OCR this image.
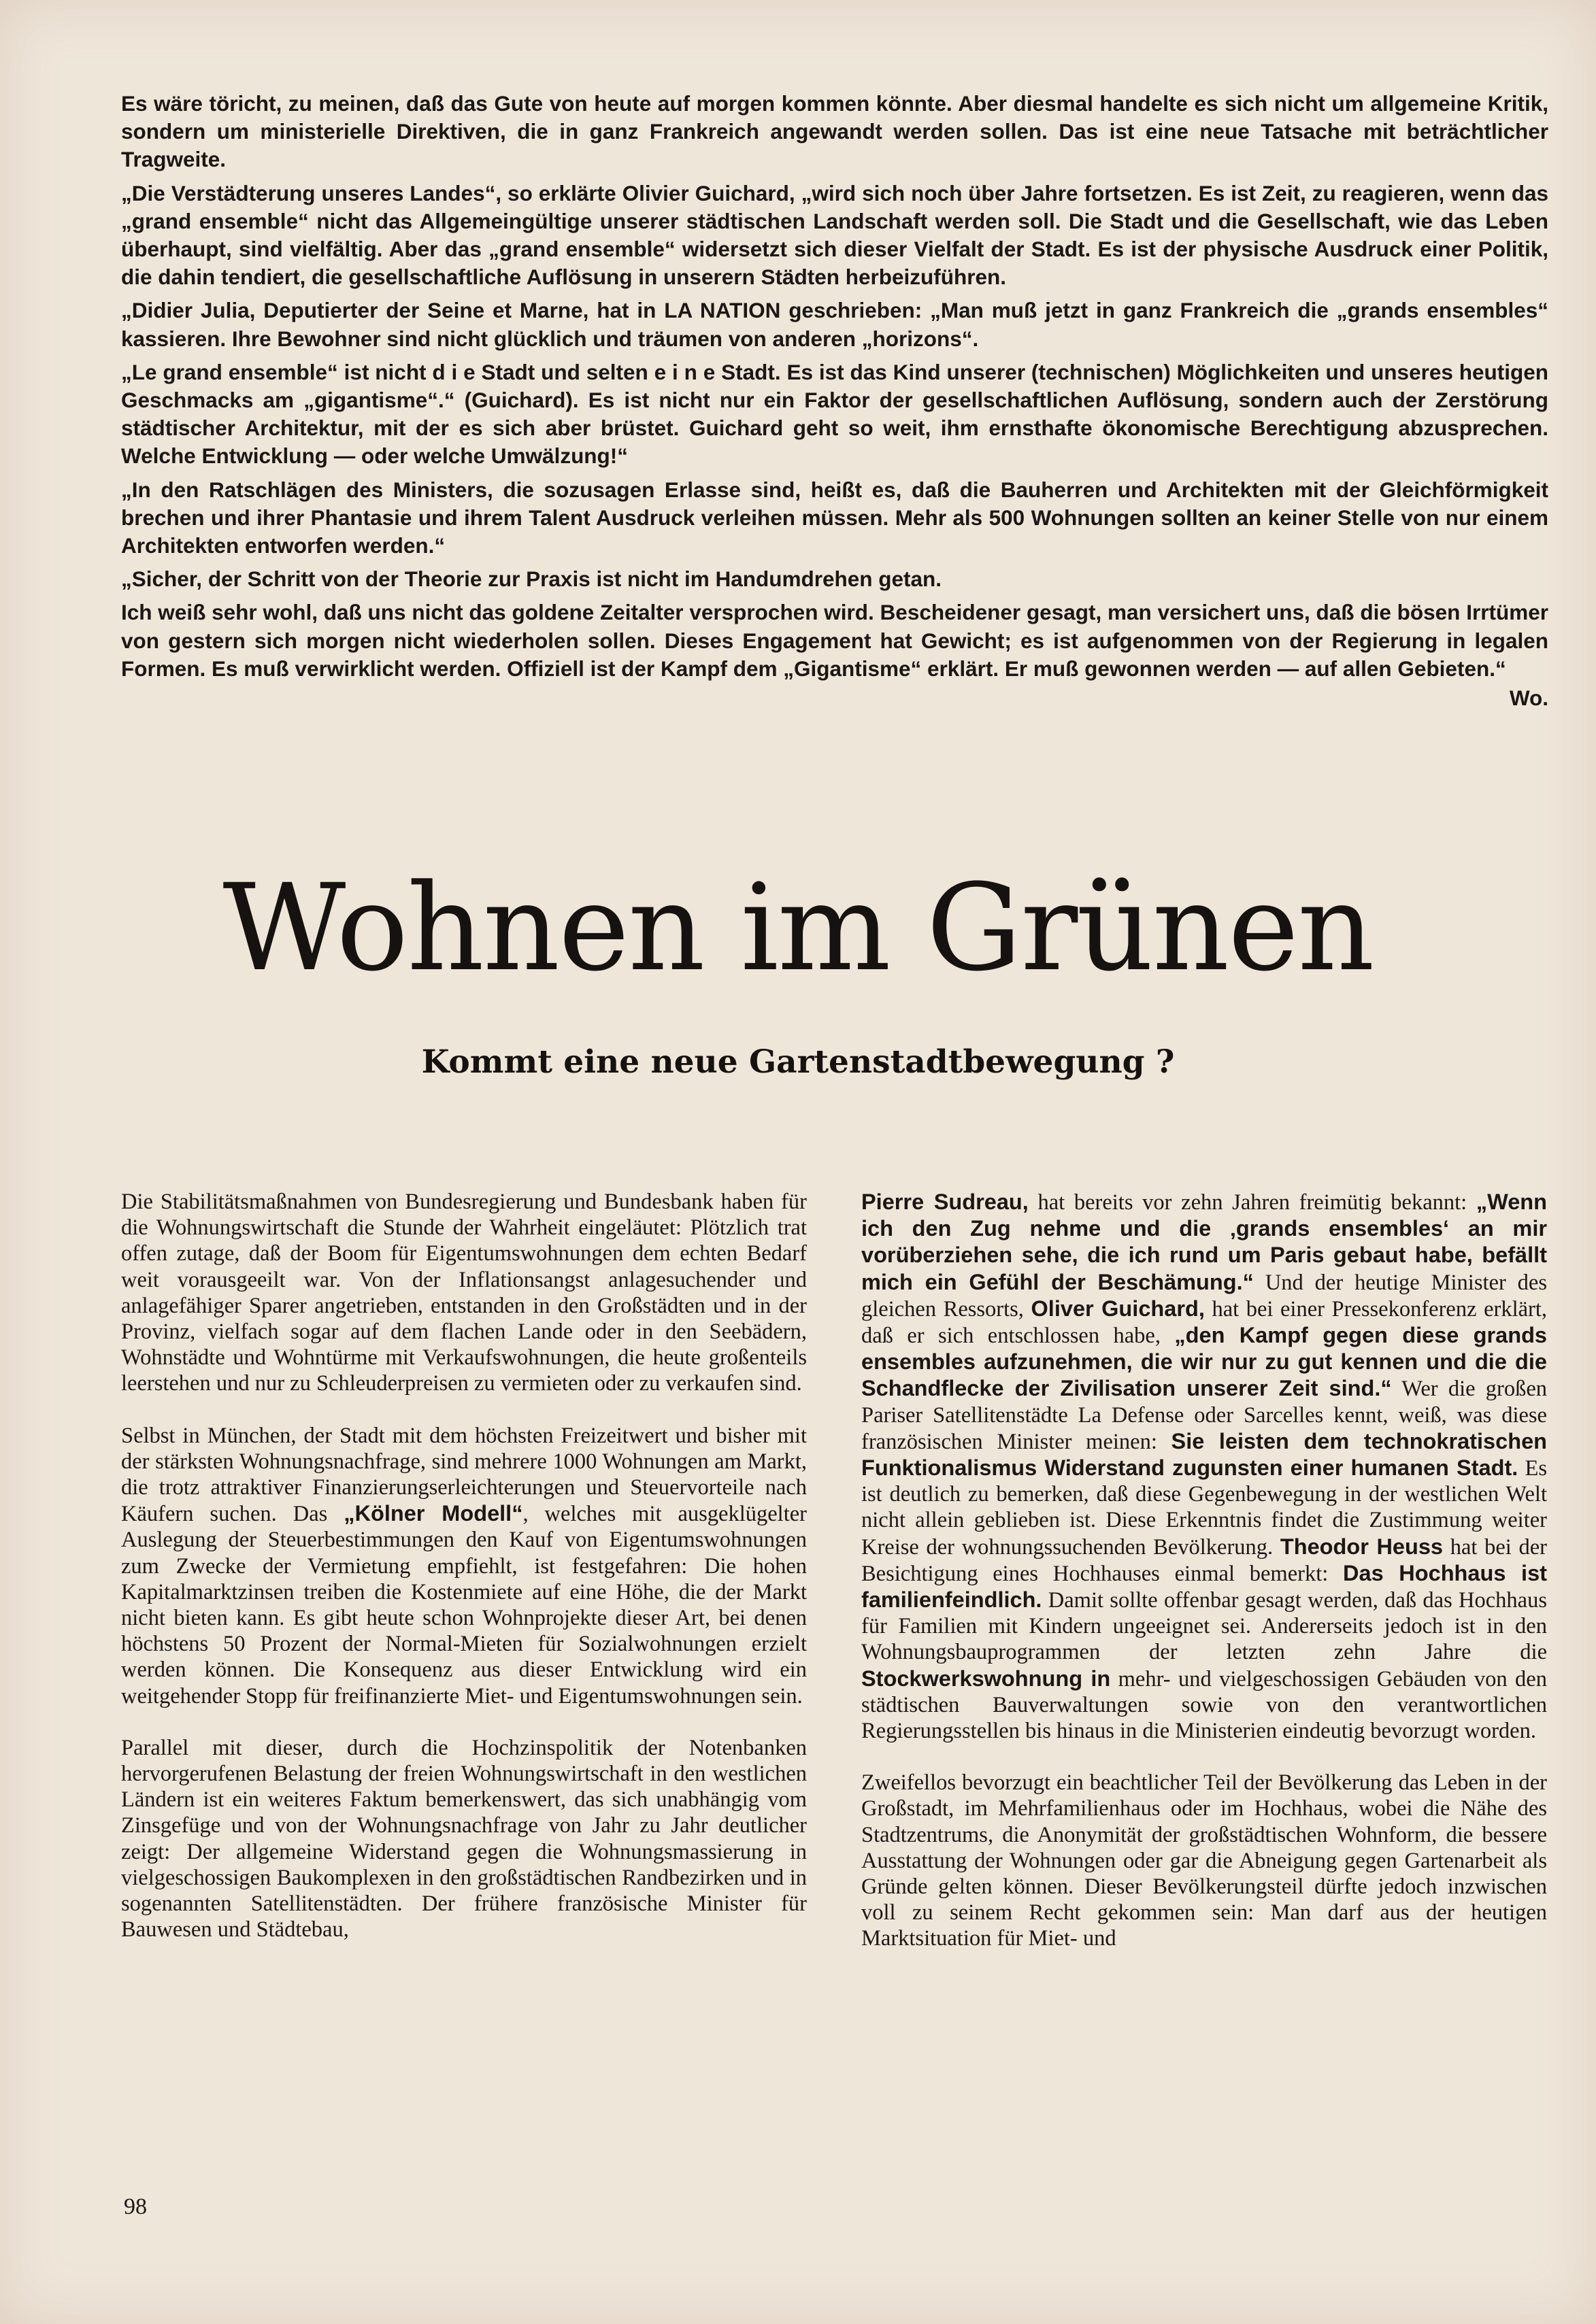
Es wäre töricht, zu meinen, daß das Gute von heute auf morgen kommen könnte. Aber diesmal handelte es sich nicht um allgemeine Kritik, sondern um ministerielle Direktiven, die in ganz Frankreich angewandt werden sollen. Das ist eine neue Tatsache mit beträchtlicher Tragweite.

„Die Verstädterung unseres Landes“, so erklärte Olivier Guichard, „wird sich noch über Jahre fortsetzen. Es ist Zeit, zu reagieren, wenn das „grand ensemble“ nicht das Allgemeingültige unserer städtischen Landschaft werden soll. Die Stadt und die Gesellschaft, wie das Leben überhaupt, sind vielfältig. Aber das „grand ensemble“ widersetzt sich dieser Vielfalt der Stadt. Es ist der physische Ausdruck einer Politik, die dahin tendiert, die gesellschaftliche Auflösung in unserern Städten herbeizuführen.

„Didier Julia, Deputierter der Seine et Marne, hat in LA NATION geschrieben: „Man muß jetzt in ganz Frankreich die „grands ensembles“ kassieren. Ihre Bewohner sind nicht glücklich und träumen von anderen „horizons“.

„Le grand ensemble“ ist nicht d i e Stadt und selten e i n e Stadt. Es ist das Kind unserer (technischen) Möglichkeiten und unseres heutigen Geschmacks am „gigantisme“.“ (Guichard). Es ist nicht nur ein Faktor der gesellschaftlichen Auflösung, sondern auch der Zerstörung städtischer Architektur, mit der es sich aber brüstet. Guichard geht so weit, ihm ernsthafte ökonomische Berechtigung abzusprechen. Welche Entwicklung — oder welche Umwälzung!“

„In den Ratschlägen des Ministers, die sozusagen Erlasse sind, heißt es, daß die Bauherren und Architekten mit der Gleichförmigkeit brechen und ihrer Phantasie und ihrem Talent Ausdruck verleihen müssen. Mehr als 500 Wohnungen sollten an keiner Stelle von nur einem Architekten entworfen werden.“

„Sicher, der Schritt von der Theorie zur Praxis ist nicht im Handumdrehen getan.

Ich weiß sehr wohl, daß uns nicht das goldene Zeitalter versprochen wird. Bescheidener gesagt, man versichert uns, daß die bösen Irrtümer von gestern sich morgen nicht wiederholen sollen. Dieses Engagement hat Gewicht; es ist aufgenommen von der Regierung in legalen Formen. Es muß verwirklicht werden. Offiziell ist der Kampf dem „Gigantisme“ erklärt. Er muß gewonnen werden — auf allen Gebieten.“

Wo.
Wohnen im Grünen
Kommt eine neue Gartenstadtbewegung ?

Die Stabilitätsmaßnahmen von Bundesregierung und Bundesbank haben für die Wohnungswirtschaft die Stunde der Wahrheit eingeläutet: Plötzlich trat offen zutage, daß der Boom für Eigentumswohnungen dem echten Bedarf weit vorausgeeilt war. Von der Inflationsangst anlagesuchender und anlagefähiger Sparer angetrieben, entstanden in den Großstädten und in der Provinz, vielfach sogar auf dem flachen Lande oder in den Seebädern, Wohnstädte und Wohntürme mit Verkaufswohnungen, die heute großenteils leerstehen und nur zu Schleuderpreisen zu vermieten oder zu verkaufen sind.

Selbst in München, der Stadt mit dem höchsten Freizeitwert und bisher mit der stärksten Wohnungsnachfrage, sind mehrere 1000 Wohnungen am Markt, die trotz attraktiver Finanzierungserleichterungen und Steuervorteile nach Käufern suchen. Das „Kölner Modell“, welches mit ausgeklügelter Auslegung der Steuerbestimmungen den Kauf von Eigentumswohnungen zum Zwecke der Vermietung empfiehlt, ist festgefahren: Die hohen Kapitalmarktzinsen treiben die Kostenmiete auf eine Höhe, die der Markt nicht bieten kann. Es gibt heute schon Wohnprojekte dieser Art, bei denen höchstens 50 Prozent der Normal-Mieten für Sozialwohnungen erzielt werden können. Die Konsequenz aus dieser Entwicklung wird ein weitgehender Stopp für freifinanzierte Miet- und Eigentumswohnungen sein.

Parallel mit dieser, durch die Hochzinspolitik der Notenbanken hervorgerufenen Belastung der freien Wohnungswirtschaft in den westlichen Ländern ist ein weiteres Faktum bemerkenswert, das sich unabhängig vom Zinsgefüge und von der Wohnungsnachfrage von Jahr zu Jahr deutlicher zeigt: Der allgemeine Widerstand gegen die Wohnungsmassierung in vielgeschossigen Baukomplexen in den großstädtischen Randbezirken und in sogenannten Satellitenstädten. Der frühere französische Minister für Bauwesen und Städtebau,

Pierre Sudreau, hat bereits vor zehn Jahren freimütig bekannt: „Wenn ich den Zug nehme und die ‚grands ensembles‘ an mir vorüberziehen sehe, die ich rund um Paris gebaut habe, befällt mich ein Gefühl der Beschämung.“ Und der heutige Minister des gleichen Ressorts, Oliver Guichard, hat bei einer Pressekonferenz erklärt, daß er sich entschlossen habe, „den Kampf gegen diese grands ensembles aufzunehmen, die wir nur zu gut kennen und die die Schandflecke der Zivilisation unserer Zeit sind.“ Wer die großen Pariser Satellitenstädte La Defense oder Sarcelles kennt, weiß, was diese französischen Minister meinen: Sie leisten dem technokratischen Funktionalismus Widerstand zugunsten einer humanen Stadt. Es ist deutlich zu bemerken, daß diese Gegenbewegung in der westlichen Welt nicht allein geblieben ist. Diese Erkenntnis findet die Zustimmung weiter Kreise der wohnungssuchenden Bevölkerung. Theodor Heuss hat bei der Besichtigung eines Hochhauses einmal bemerkt: Das Hochhaus ist familienfeindlich. Damit sollte offenbar gesagt werden, daß das Hochhaus für Familien mit Kindern ungeeignet sei. Andererseits jedoch ist in den Wohnungsbauprogrammen der letzten zehn Jahre die Stockwerkswohnung in mehr- und vielgeschossigen Gebäuden von den städtischen Bauverwaltungen sowie von den verantwortlichen Regierungsstellen bis hinaus in die Ministerien eindeutig bevorzugt worden.

Zweifellos bevorzugt ein beachtlicher Teil der Bevölkerung das Leben in der Großstadt, im Mehrfamilienhaus oder im Hochhaus, wobei die Nähe des Stadtzentrums, die Anonymität der großstädtischen Wohnform, die bessere Ausstattung der Wohnungen oder gar die Abneigung gegen Gartenarbeit als Gründe gelten können. Dieser Bevölkerungsteil dürfte jedoch inzwischen voll zu seinem Recht gekommen sein: Man darf aus der heutigen Marktsituation für Miet- und

98
